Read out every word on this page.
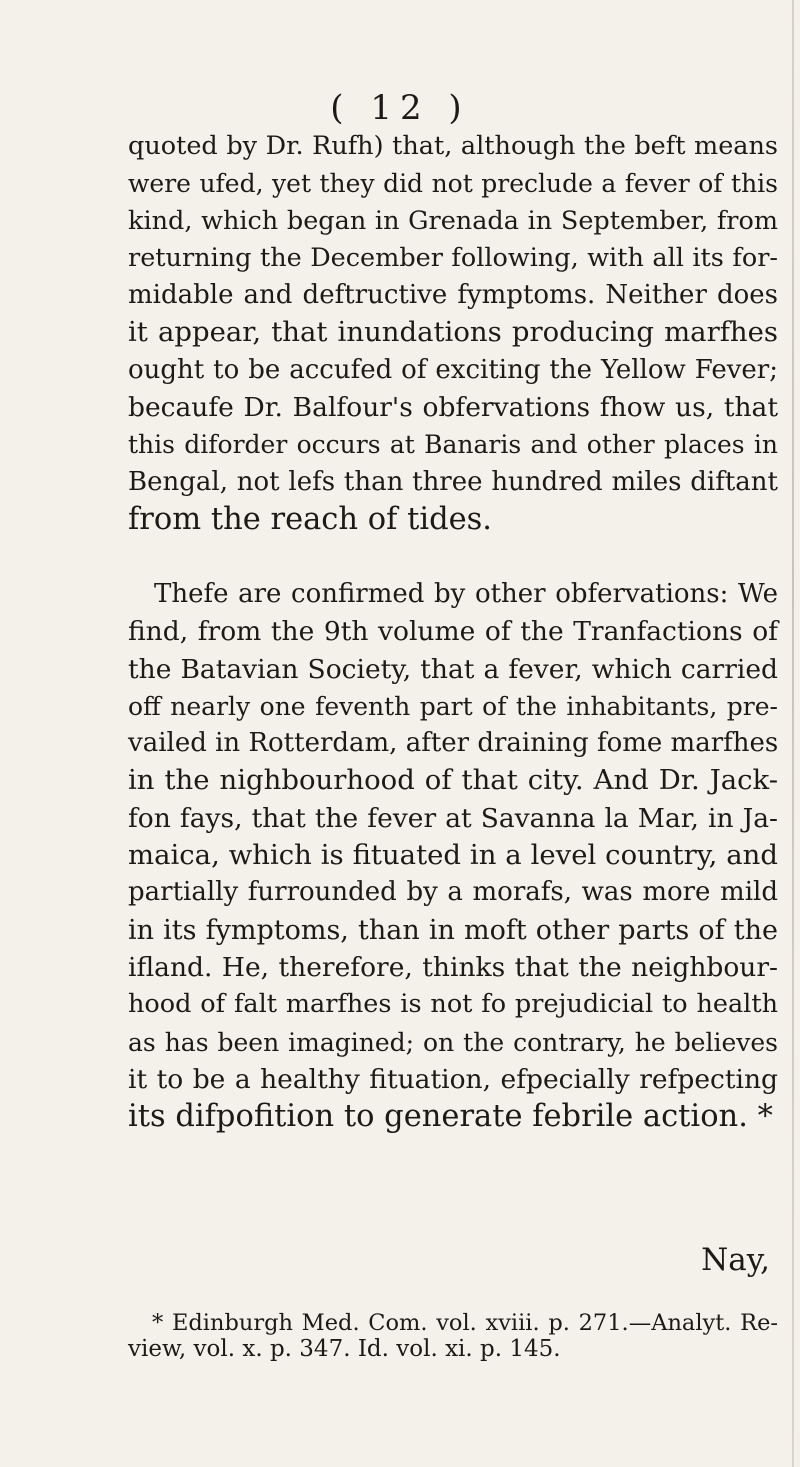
( 12 )
quoted by Dr. Rufh) that, although the beft means
were ufed, yet they did not preclude a fever of this
kind, which began in Grenada in September, from
returning the December following, with all its for-
midable and deftructive fymptoms. Neither does
it appear, that inundations producing marfhes
ought to be accufed of exciting the Yellow Fever;
becaufe Dr. Balfour's obfervations fhow us, that
this diforder occurs at Banaris and other places in
Bengal, not lefs than three hundred miles diftant
from the reach of tides.
Thefe are confirmed by other obfervations: We
find, from the 9th volume of the Tranfactions of
the Batavian Society, that a fever, which carried
off nearly one feventh part of the inhabitants, pre-
vailed in Rotterdam, after draining fome marfhes
in the nighbourhood of that city. And Dr. Jack-
fon fays, that the fever at Savanna la Mar, in Ja-
maica, which is fituated in a level country, and
partially furrounded by a morafs, was more mild
in its fymptoms, than in moft other parts of the
ifland. He, therefore, thinks that the neighbour-
hood of falt marfhes is not fo prejudicial to health
as has been imagined; on the contrary, he believes
it to be a healthy fituation, efpecially refpecting
its difpofition to generate febrile action. *
Nay,
* Edinburgh Med. Com. vol. xviii. p. 271.—Analyt. Re-
view, vol. x. p. 347. Id. vol. xi. p. 145.
